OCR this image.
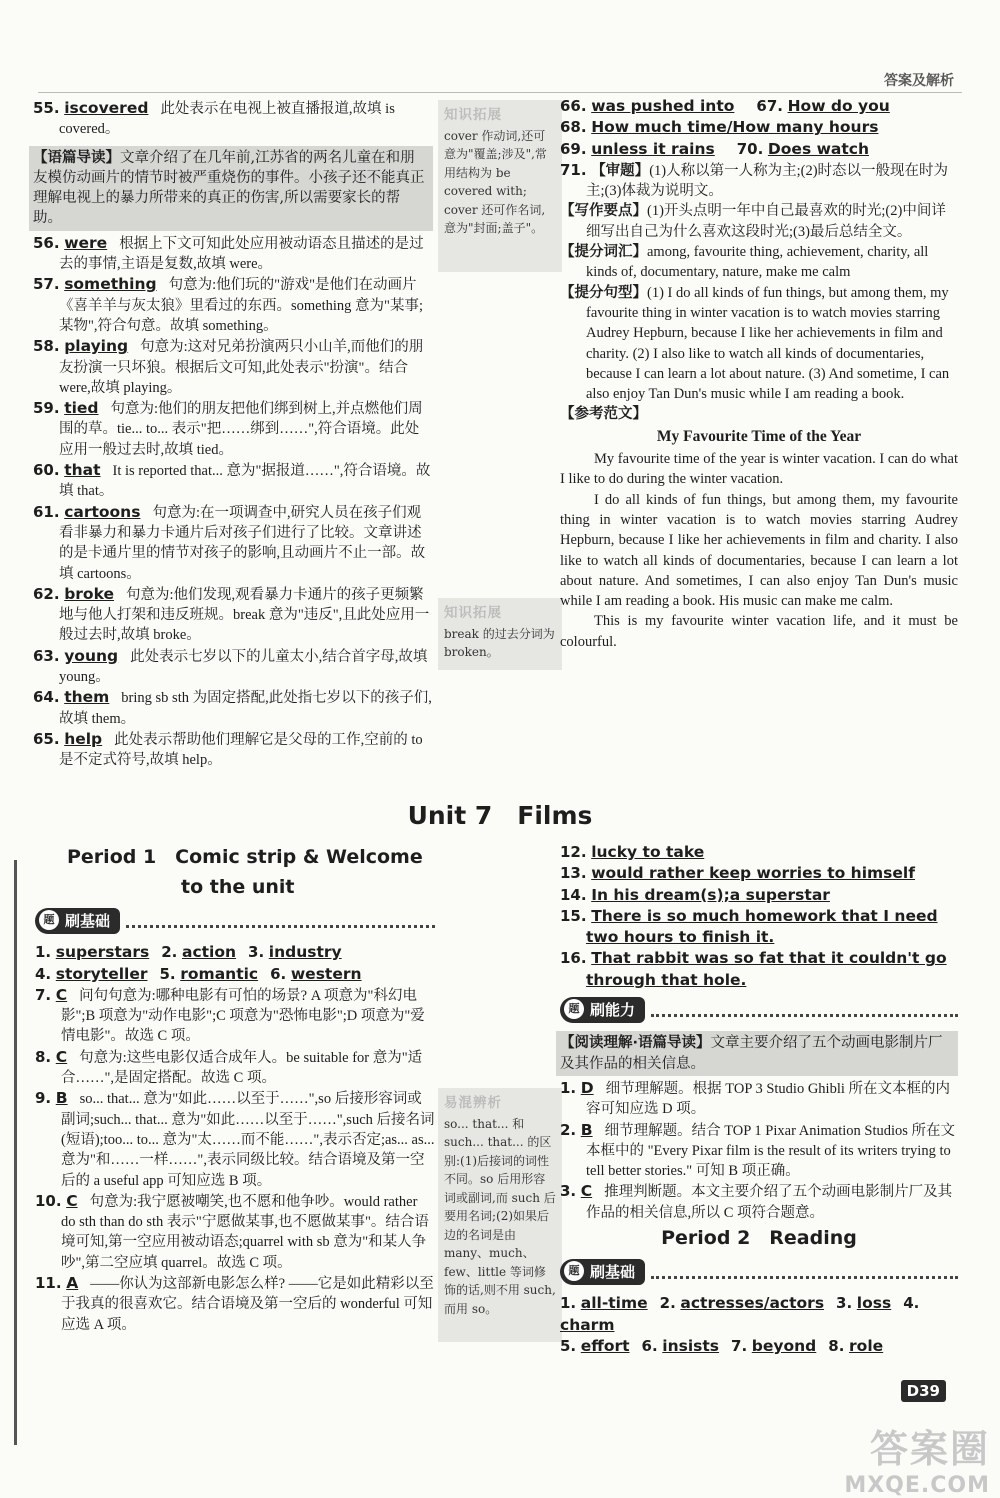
答案及解析
55. iscovered 此处表示在电视上被直播报道,故填 is covered。
【语篇导读】文章介绍了在几年前,江苏省的两名儿童在和朋友模仿动画片的情节时被严重烧伤的事件。小孩子还不能真正理解电视上的暴力所带来的真正的伤害,所以需要家长的帮助。
56. were 根据上下文可知此处应用被动语态且描述的是过去的事情,主语是复数,故填 were。
57. something 句意为:他们玩的"游戏"是他们在动画片《喜羊羊与灰太狼》里看过的东西。something 意为"某事;某物",符合句意。故填 something。
58. playing 句意为:这对兄弟扮演两只小山羊,而他们的朋友扮演一只坏狼。根据后文可知,此处表示"扮演"。结合 were,故填 playing。
59. tied 句意为:他们的朋友把他们绑到树上,并点燃他们周围的草。tie... to... 表示"把……绑到……",符合语境。此处应用一般过去时,故填 tied。
60. that It is reported that... 意为"据报道……",符合语境。故填 that。
61. cartoons 句意为:在一项调查中,研究人员在孩子们观看非暴力和暴力卡通片后对孩子们进行了比较。文章讲述的是卡通片里的情节对孩子的影响,且动画片不止一部。故填 cartoons。
62. broke 句意为:他们发现,观看暴力卡通片的孩子更频繁地与他人打架和违反班规。break 意为"违反",且此处应用一般过去时,故填 broke。
63. young 此处表示七岁以下的儿童太小,结合首字母,故填 young。
64. them bring sb sth 为固定搭配,此处指七岁以下的孩子们,故填 them。
65. help 此处表示帮助他们理解它是父母的工作,空前的 to 是不定式符号,故填 help。
知识拓展
cover 作动词,还可意为"覆盖;涉及",常用结构为 be covered with; cover 还可作名词,意为"封面;盖子"。
知识拓展
break 的过去分词为 broken。
66. was pushed into 67. How do you
68. How much time/How many hours
69. unless it rains 70. Does watch
71. 【审题】(1)人称以第一人称为主;(2)时态以一般现在时为主;(3)体裁为说明文。
【写作要点】(1)开头点明一年中自己最喜欢的时光;(2)中间详细写出自己为什么喜欢这段时光;(3)最后总结全文。
【提分词汇】among, favourite thing, achievement, charity, all kinds of, documentary, nature, make me calm
【提分句型】(1) I do all kinds of fun things, but among them, my favourite thing in winter vacation is to watch movies starring Audrey Hepburn, because I like her achievements in film and charity. (2) I also like to watch all kinds of documentaries, because I can learn a lot about nature. (3) And sometime, I can also enjoy Tan Dun's music while I am reading a book.
【参考范文】
My Favourite Time of the Year

My favourite time of the year is winter vacation. I can do what I like to do during the winter vacation.

I do all kinds of fun things, but among them, my favourite thing in winter vacation is to watch movies starring Audrey Hepburn, because I like her achievements in film and charity. I also like to watch all kinds of documentaries, because I can learn a lot about nature. And sometimes, I can also enjoy Tan Dun's music while I am reading a book. His music can make me calm.

This is my favourite winter vacation life, and it must be colourful.

Unit 7　Films
Period 1　Comic strip & Welcome
to the unit
题 刷基础
1. superstars 2. action 3. industry
4. storyteller 5. romantic 6. western
7. C 问句句意为:哪种电影有可怕的场景? A 项意为"科幻电影";B 项意为"动作电影";C 项意为"恐怖电影";D 项意为"爱情电影"。故选 C 项。
8. C 句意为:这些电影仅适合成年人。be suitable for 意为"适合……",是固定搭配。故选 C 项。
9. B so... that... 意为"如此……以至于……",so 后接形容词或副词;such... that... 意为"如此……以至于……",such 后接名词(短语);too... to... 意为"太……而不能……",表示否定;as... as... 意为"和……一样……",表示同级比较。结合语境及第一空后的 a useful app 可知应选 B 项。
10. C 句意为:我宁愿被嘲笑,也不愿和他争吵。would rather do sth than do sth 表示"宁愿做某事,也不愿做某事"。结合语境可知,第一空应用被动语态;quarrel with sb 意为"和某人争吵",第二空应填 quarrel。故选 C 项。
11. A ——你认为这部新电影怎么样? ——它是如此精彩以至于我真的很喜欢它。结合语境及第一空后的 wonderful 可知应选 A 项。
易混辨析
so... that... 和 such... that... 的区别:(1)后接词的词性不同。so 后用形容词或副词,而 such 后要用名词;(2)如果后边的名词是由 many、much、few、little 等词修饰的话,则不用 such,而用 so。
12. lucky to take
13. would rather keep worries to himself
14. In his dream(s);a superstar
15. There is so much homework that I need two hours to finish it.
16. That rabbit was so fat that it couldn't go through that hole.
题 刷能力
【阅读理解·语篇导读】文章主要介绍了五个动画电影制片厂及其作品的相关信息。
1. D 细节理解题。根据 TOP 3 Studio Ghibli 所在文本框的内容可知应选 D 项。
2. B 细节理解题。结合 TOP 1 Pixar Animation Studios 所在文本框中的 "Every Pixar film is the result of its writers trying to tell better stories." 可知 B 项正确。
3. C 推理判断题。本文主要介绍了五个动画电影制片厂及其作品的相关信息,所以 C 项符合题意。
Period 2　Reading
题 刷基础
1. all-time 2. actresses/actors 3. loss 4. charm
5. effort 6. insists 7. beyond 8. role
D39
答案圈
MXQE.COM
